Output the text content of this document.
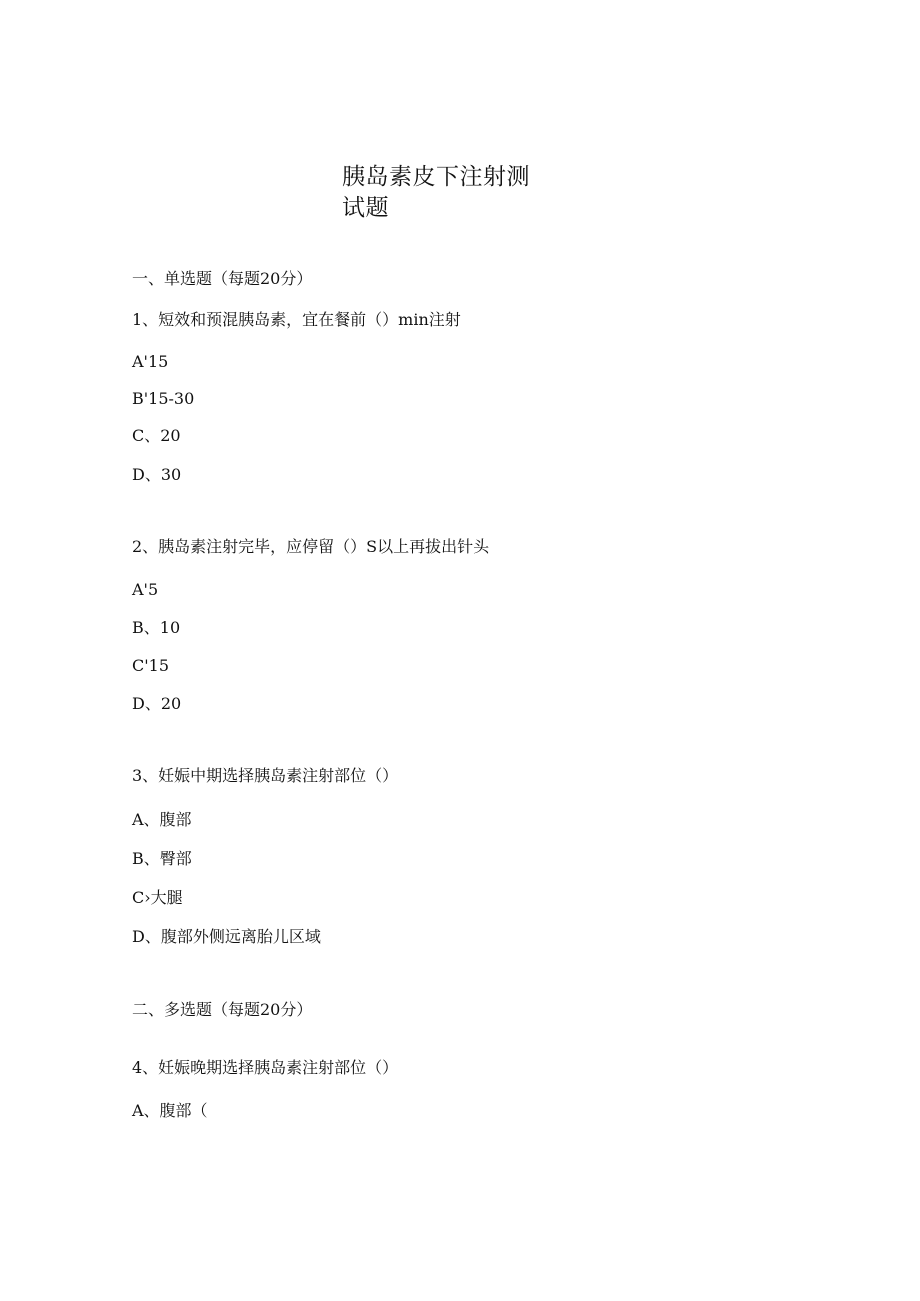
胰岛素皮下注射测
试题
一、单选题（每题20分）
1、短效和预混胰岛素，宜在餐前（）min注射
A'15
B'15-30
C、20
D、30
2、胰岛素注射完毕，应停留（）S以上再拔出针头
A'5
B、10
C'15
D、20
3、妊娠中期选择胰岛素注射部位（）
A、腹部
B、臀部
C›大腿
D、腹部外侧远离胎儿区域
二、多选题（每题20分）
4、妊娠晚期选择胰岛素注射部位（）
A、腹部（
